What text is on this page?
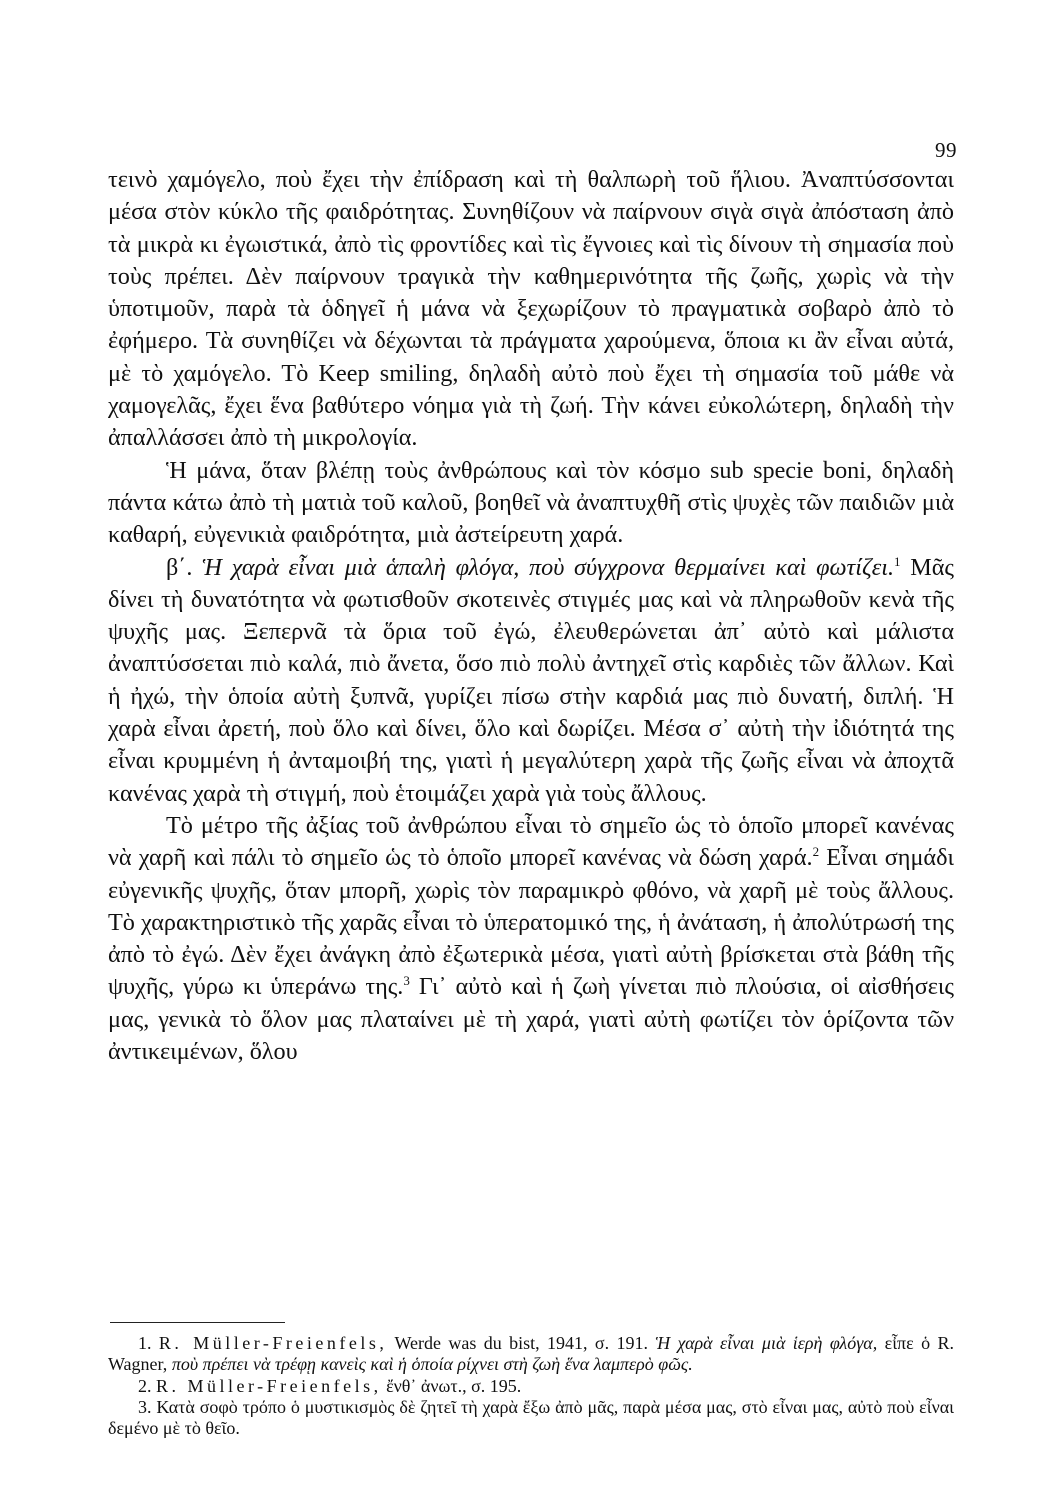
99

τεινὸ χαμόγελο, ποὺ ἔχει τὴν ἐπίδραση καὶ τὴ θαλπωρὴ τοῦ ἥλιου. Ἀναπτύσσονται μέσα στὸν κύκλο τῆς φαιδρότητας. Συνηθίζουν νὰ παίρνουν σιγὰ σιγὰ ἀπόσταση ἀπὸ τὰ μικρὰ κι ἐγωιστικά, ἀπὸ τὶς φροντίδες καὶ τὶς ἔγνοιες καὶ τὶς δίνουν τὴ σημασία ποὺ τοὺς πρέπει. Δὲν παίρνουν τραγικὰ τὴν καθημερινότητα τῆς ζωῆς, χωρὶς νὰ τὴν ὑποτιμοῦν, παρὰ τὰ ὁδηγεῖ ἡ μάνα νὰ ξεχωρίζουν τὸ πραγματικὰ σοβαρὸ ἀπὸ τὸ ἐφήμερο. Τὰ συνηθίζει νὰ δέχωνται τὰ πράγματα χαρούμενα, ὅποια κι ἂν εἶναι αὐτά, μὲ τὸ χαμόγελο. Τὸ Keep smiling, δηλαδὴ αὐτὸ ποὺ ἔχει τὴ σημασία τοῦ μάθε νὰ χαμογελᾶς, ἔχει ἕνα βαθύτερο νόημα γιὰ τὴ ζωή. Τὴν κάνει εὐκολώτερη, δηλαδὴ τὴν ἀπαλλάσσει ἀπὸ τὴ μικρολογία.

Ἡ μάνα, ὅταν βλέπῃ τοὺς ἀνθρώπους καὶ τὸν κόσμο sub specie boni, δηλαδὴ πάντα κάτω ἀπὸ τὴ ματιὰ τοῦ καλοῦ, βοηθεῖ νὰ ἀναπτυχθῆ στὶς ψυχὲς τῶν παιδιῶν μιὰ καθαρή, εὐγενικιὰ φαιδρότητα, μιὰ ἀστείρευτη χαρά.

β΄. Ἡ χαρὰ εἶναι μιὰ ἁπαλὴ φλόγα, ποὺ σύγχρονα θερμαίνει καὶ φωτίζει.$^1$ Μᾶς δίνει τὴ δυνατότητα νὰ φωτισθοῦν σκοτεινὲς στιγμές μας καὶ νὰ πληρωθοῦν κενὰ τῆς ψυχῆς μας. Ξεπερνᾶ τὰ ὅρια τοῦ ἐγώ, ἐλευθερώνεται ἀπ᾽ αὐτὸ καὶ μάλιστα ἀναπτύσσεται πιὸ καλά, πιὸ ἄνετα, ὅσο πιὸ πολὺ ἀντηχεῖ στὶς καρδιὲς τῶν ἄλλων. Καὶ ἡ ἠχώ, τὴν ὁποία αὐτὴ ξυπνᾶ, γυρίζει πίσω στὴν καρδιά μας πιὸ δυνατή, διπλή. Ἡ χαρὰ εἶναι ἀρετή, ποὺ ὅλο καὶ δίνει, ὅλο καὶ δωρίζει. Μέσα σ᾽ αὐτὴ τὴν ἰδιότητά της εἶναι κρυμμένη ἡ ἀνταμοιβή της, γιατὶ ἡ μεγαλύτερη χαρὰ τῆς ζωῆς εἶναι νὰ ἀποχτᾶ κανένας χαρὰ τὴ στιγμή, ποὺ ἑτοιμάζει χαρὰ γιὰ τοὺς ἄλλους.

Τὸ μέτρο τῆς ἀξίας τοῦ ἀνθρώπου εἶναι τὸ σημεῖο ὡς τὸ ὁποῖο μπορεῖ κανένας νὰ χαρῆ καὶ πάλι τὸ σημεῖο ὡς τὸ ὁποῖο μπορεῖ κανένας νὰ δώση χαρά.$^2$ Εἶναι σημάδι εὐγενικῆς ψυχῆς, ὅταν μπορῆ, χωρὶς τὸν παραμικρὸ φθόνο, νὰ χαρῆ μὲ τοὺς ἄλλους. Τὸ χαρακτηριστικὸ τῆς χαρᾶς εἶναι τὸ ὑπερατομικό της, ἡ ἀνάταση, ἡ ἀπολύτρωσή της ἀπὸ τὸ ἐγώ. Δὲν ἔχει ἀνάγκη ἀπὸ ἐξωτερικὰ μέσα, γιατὶ αὐτὴ βρίσκεται στὰ βάθη τῆς ψυχῆς, γύρω κι ὑπεράνω της.$^3$ Γι᾽ αὐτὸ καὶ ἡ ζωὴ γίνεται πιὸ πλούσια, οἱ αἰσθήσεις μας, γενικὰ τὸ ὅλον μας πλαταίνει μὲ τὴ χαρά, γιατὶ αὐτὴ φωτίζει τὸν ὁρίζοντα τῶν ἀντικειμένων, ὅλου

1. R. Müller-Freienfels, Werde was du bist, 1941, σ. 191. Ἡ χαρὰ εἶναι μιὰ ἱερὴ φλόγα, εἶπε ὁ R. Wagner, ποὺ πρέπει νὰ τρέφῃ κανεὶς καὶ ἡ ὁποία ρίχνει στὴ ζωὴ ἕνα λαμπερὸ φῶς.

2. R. Müller-Freienfels, ἔνθ᾽ ἀνωτ., σ. 195.

3. Κατὰ σοφὸ τρόπο ὁ μυστικισμὸς δὲ ζητεῖ τὴ χαρὰ ἔξω ἀπὸ μᾶς, παρὰ μέσα μας, στὸ εἶναι μας, αὐτὸ ποὺ εἶναι δεμένο μὲ τὸ θεῖο.
